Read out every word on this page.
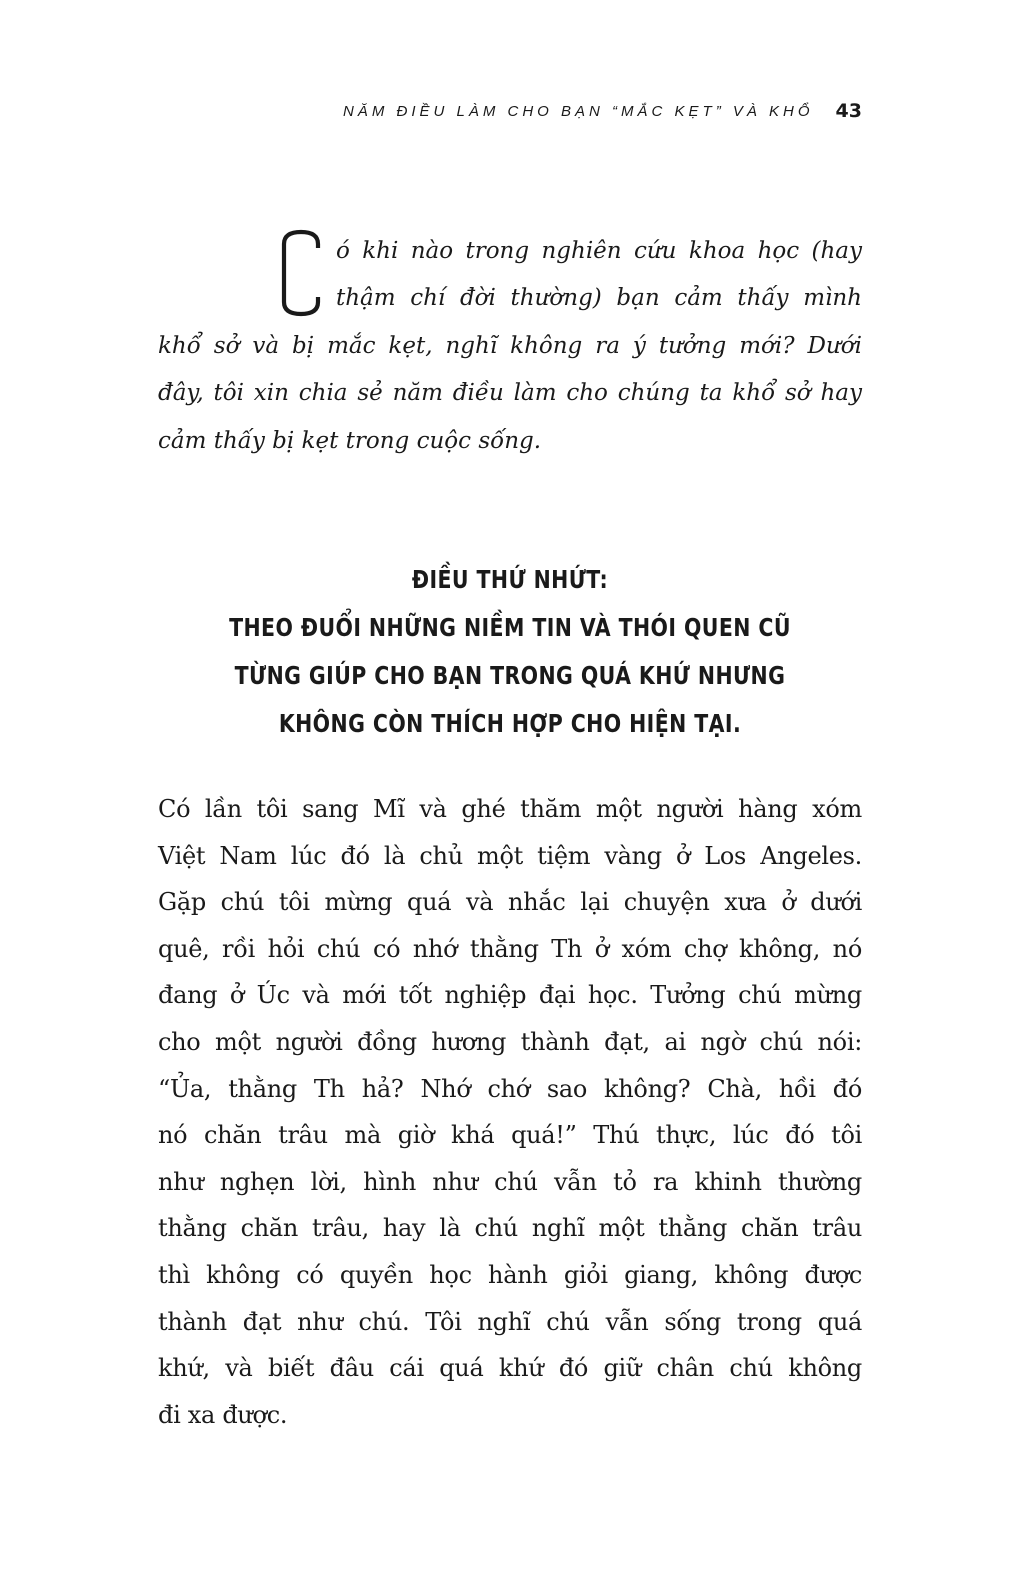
NĂM ĐIỀU LÀM CHO BẠN “MẮC KẸT” VÀ KHỔ 43
ó khi nào trong nghiên cứu khoa học (hay
thậm chí đời thường) bạn cảm thấy mình
khổ sở và bị mắc kẹt, nghĩ không ra ý tưởng mới? Dưới
đây, tôi xin chia sẻ năm điều làm cho chúng ta khổ sở hay
cảm thấy bị kẹt trong cuộc sống.
ĐIỀU THỨ NHỨT:
THEO ĐUỔI NHỮNG NIỀM TIN VÀ THÓI QUEN CŨ
TỪNG GIÚP CHO BẠN TRONG QUÁ KHỨ NHƯNG
KHÔNG CÒN THÍCH HỢP CHO HIỆN TẠI.
Có lần tôi sang Mĩ và ghé thăm một người hàng xóm
Việt Nam lúc đó là chủ một tiệm vàng ở Los Angeles.
Gặp chú tôi mừng quá và nhắc lại chuyện xưa ở dưới
quê, rồi hỏi chú có nhớ thằng Th ở xóm chợ không, nó
đang ở Úc và mới tốt nghiệp đại học. Tưởng chú mừng
cho một người đồng hương thành đạt, ai ngờ chú nói:
“Ủa, thằng Th hả? Nhớ chớ sao không? Chà, hồi đó
nó chăn trâu mà giờ khá quá!” Thú thực, lúc đó tôi
như nghẹn lời, hình như chú vẫn tỏ ra khinh thường
thằng chăn trâu, hay là chú nghĩ một thằng chăn trâu
thì không có quyền học hành giỏi giang, không được
thành đạt như chú. Tôi nghĩ chú vẫn sống trong quá
khứ, và biết đâu cái quá khứ đó giữ chân chú không
đi xa được.
